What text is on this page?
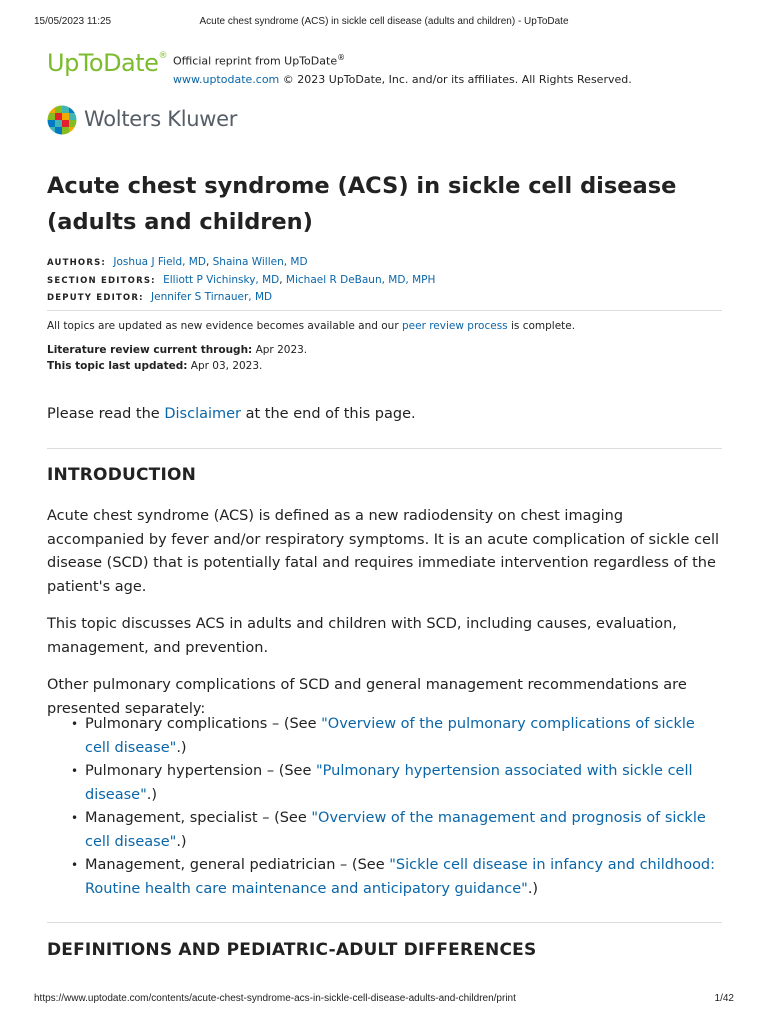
15/05/2023 11:25	Acute chest syndrome (ACS) in sickle cell disease (adults and children) - UpToDate
UpToDate® Official reprint from UpToDate®
www.uptodate.com © 2023 UpToDate, Inc. and/or its affiliates. All Rights Reserved.
Wolters Kluwer
Acute chest syndrome (ACS) in sickle cell disease (adults and children)
AUTHORS: Joshua J Field, MD, Shaina Willen, MD
SECTION EDITORS: Elliott P Vichinsky, MD, Michael R DeBaun, MD, MPH
DEPUTY EDITOR: Jennifer S Tirnauer, MD
All topics are updated as new evidence becomes available and our peer review process is complete.
Literature review current through: Apr 2023.
This topic last updated: Apr 03, 2023.
Please read the Disclaimer at the end of this page.
INTRODUCTION

Acute chest syndrome (ACS) is defined as a new radiodensity on chest imaging accompanied by fever and/or respiratory symptoms. It is an acute complication of sickle cell disease (SCD) that is potentially fatal and requires immediate intervention regardless of the patient's age.

This topic discusses ACS in adults and children with SCD, including causes, evaluation, management, and prevention.

Other pulmonary complications of SCD and general management recommendations are presented separately:

• Pulmonary complications – (See "Overview of the pulmonary complications of sickle cell disease".)
• Pulmonary hypertension – (See "Pulmonary hypertension associated with sickle cell disease".)
• Management, specialist – (See "Overview of the management and prognosis of sickle cell disease".)
• Management, general pediatrician – (See "Sickle cell disease in infancy and childhood: Routine health care maintenance and anticipatory guidance".)
DEFINITIONS AND PEDIATRIC-ADULT DIFFERENCES
https://www.uptodate.com/contents/acute-chest-syndrome-acs-in-sickle-cell-disease-adults-and-children/print	1/42
